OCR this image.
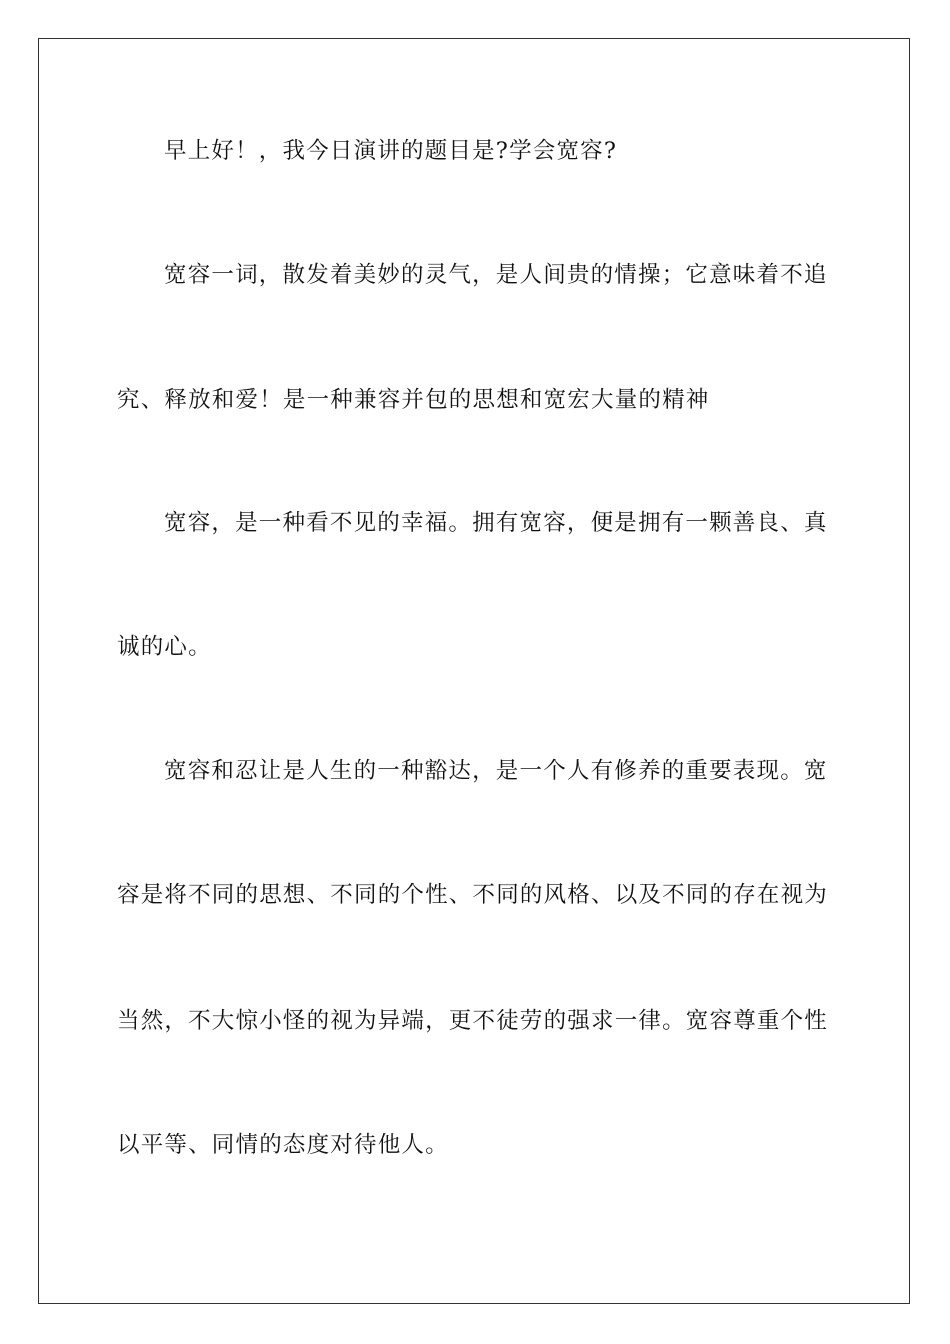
早上好！，我今日演讲的题目是?学会宽容?
宽容一词，散发着美妙的灵气，是人间贵的情操；它意味着不追
究、释放和爱！是一种兼容并包的思想和宽宏大量的精神
宽容，是一种看不见的幸福。拥有宽容，便是拥有一颗善良、真
诚的心。
宽容和忍让是人生的一种豁达，是一个人有修养的重要表现。宽
容是将不同的思想、不同的个性、不同的风格、以及不同的存在视为
当然，不大惊小怪的视为异端，更不徒劳的强求一律。宽容尊重个性
以平等、同情的态度对待他人。
